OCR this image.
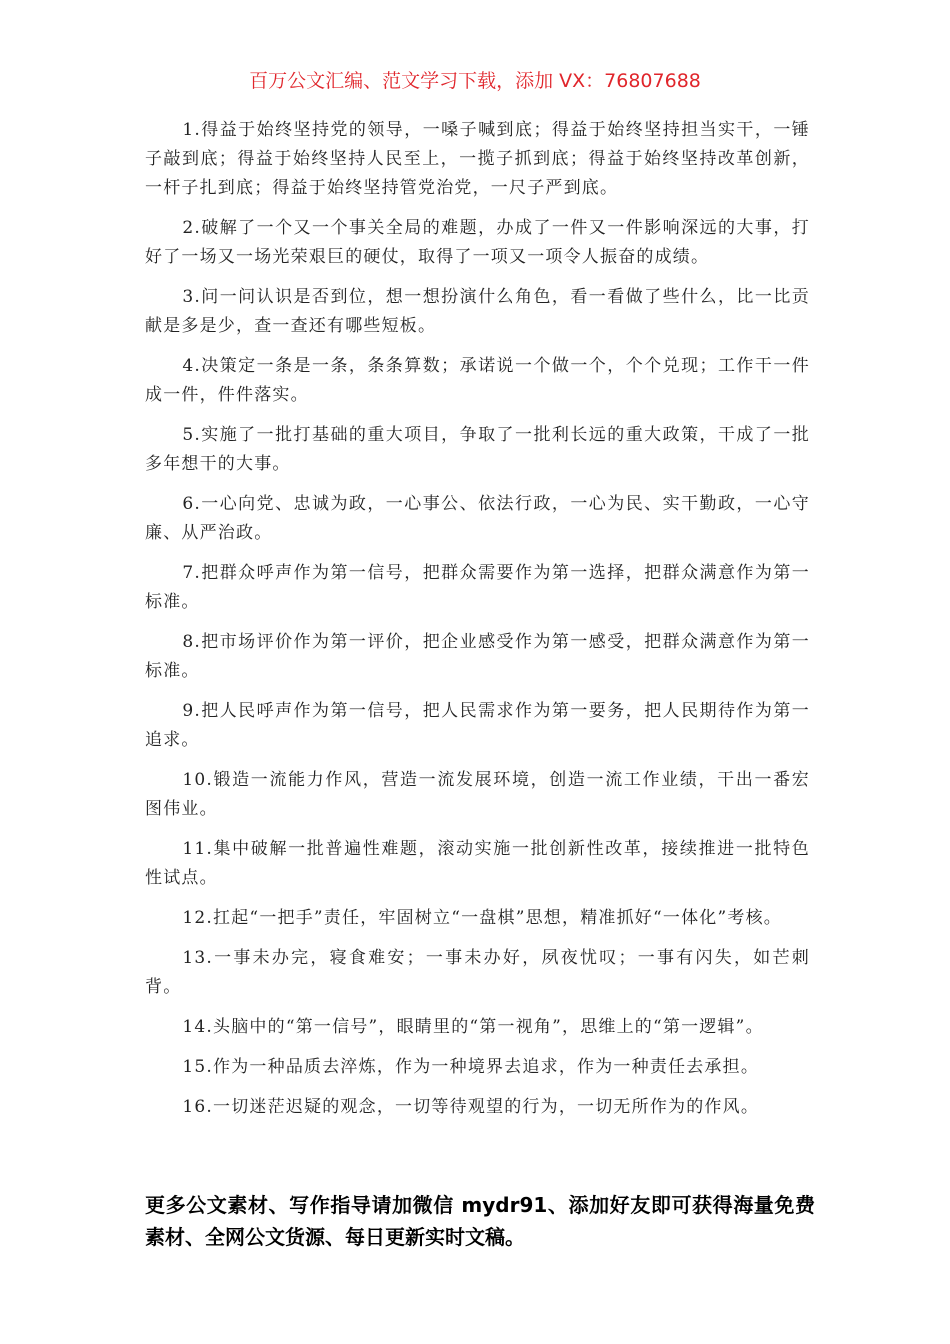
百万公文汇编、范文学习下载，添加 VX：76807688

1.得益于始终坚持党的领导，一嗓子喊到底；得益于始终坚持担当实干，一锤子敲到底；得益于始终坚持人民至上，一揽子抓到底；得益于始终坚持改革创新，一杆子扎到底；得益于始终坚持管党治党，一尺子严到底。

2.破解了一个又一个事关全局的难题，办成了一件又一件影响深远的大事，打好了一场又一场光荣艰巨的硬仗，取得了一项又一项令人振奋的成绩。

3.问一问认识是否到位，想一想扮演什么角色，看一看做了些什么，比一比贡献是多是少，查一查还有哪些短板。

4.决策定一条是一条，条条算数；承诺说一个做一个，个个兑现；工作干一件成一件，件件落实。

5.实施了一批打基础的重大项目，争取了一批利长远的重大政策，干成了一批多年想干的大事。

6.一心向党、忠诚为政，一心事公、依法行政，一心为民、实干勤政，一心守廉、从严治政。

7.把群众呼声作为第一信号，把群众需要作为第一选择，把群众满意作为第一标准。

8.把市场评价作为第一评价，把企业感受作为第一感受，把群众满意作为第一标准。

9.把人民呼声作为第一信号，把人民需求作为第一要务，把人民期待作为第一追求。

10.锻造一流能力作风，营造一流发展环境，创造一流工作业绩，干出一番宏图伟业。

11.集中破解一批普遍性难题，滚动实施一批创新性改革，接续推进一批特色性试点。

12.扛起“一把手”责任，牢固树立“一盘棋”思想，精准抓好“一体化”考核。

13.一事未办完，寝食难安；一事未办好，夙夜忧叹；一事有闪失，如芒刺背。

14.头脑中的“第一信号”，眼睛里的“第一视角”，思维上的“第一逻辑”。

15.作为一种品质去淬炼，作为一种境界去追求，作为一种责任去承担。

16.一切迷茫迟疑的观念，一切等待观望的行为，一切无所作为的作风。

更多公文素材、写作指导请加微信 mydr91、添加好友即可获得海量免费素材、全网公文货源、每日更新实时文稿。
